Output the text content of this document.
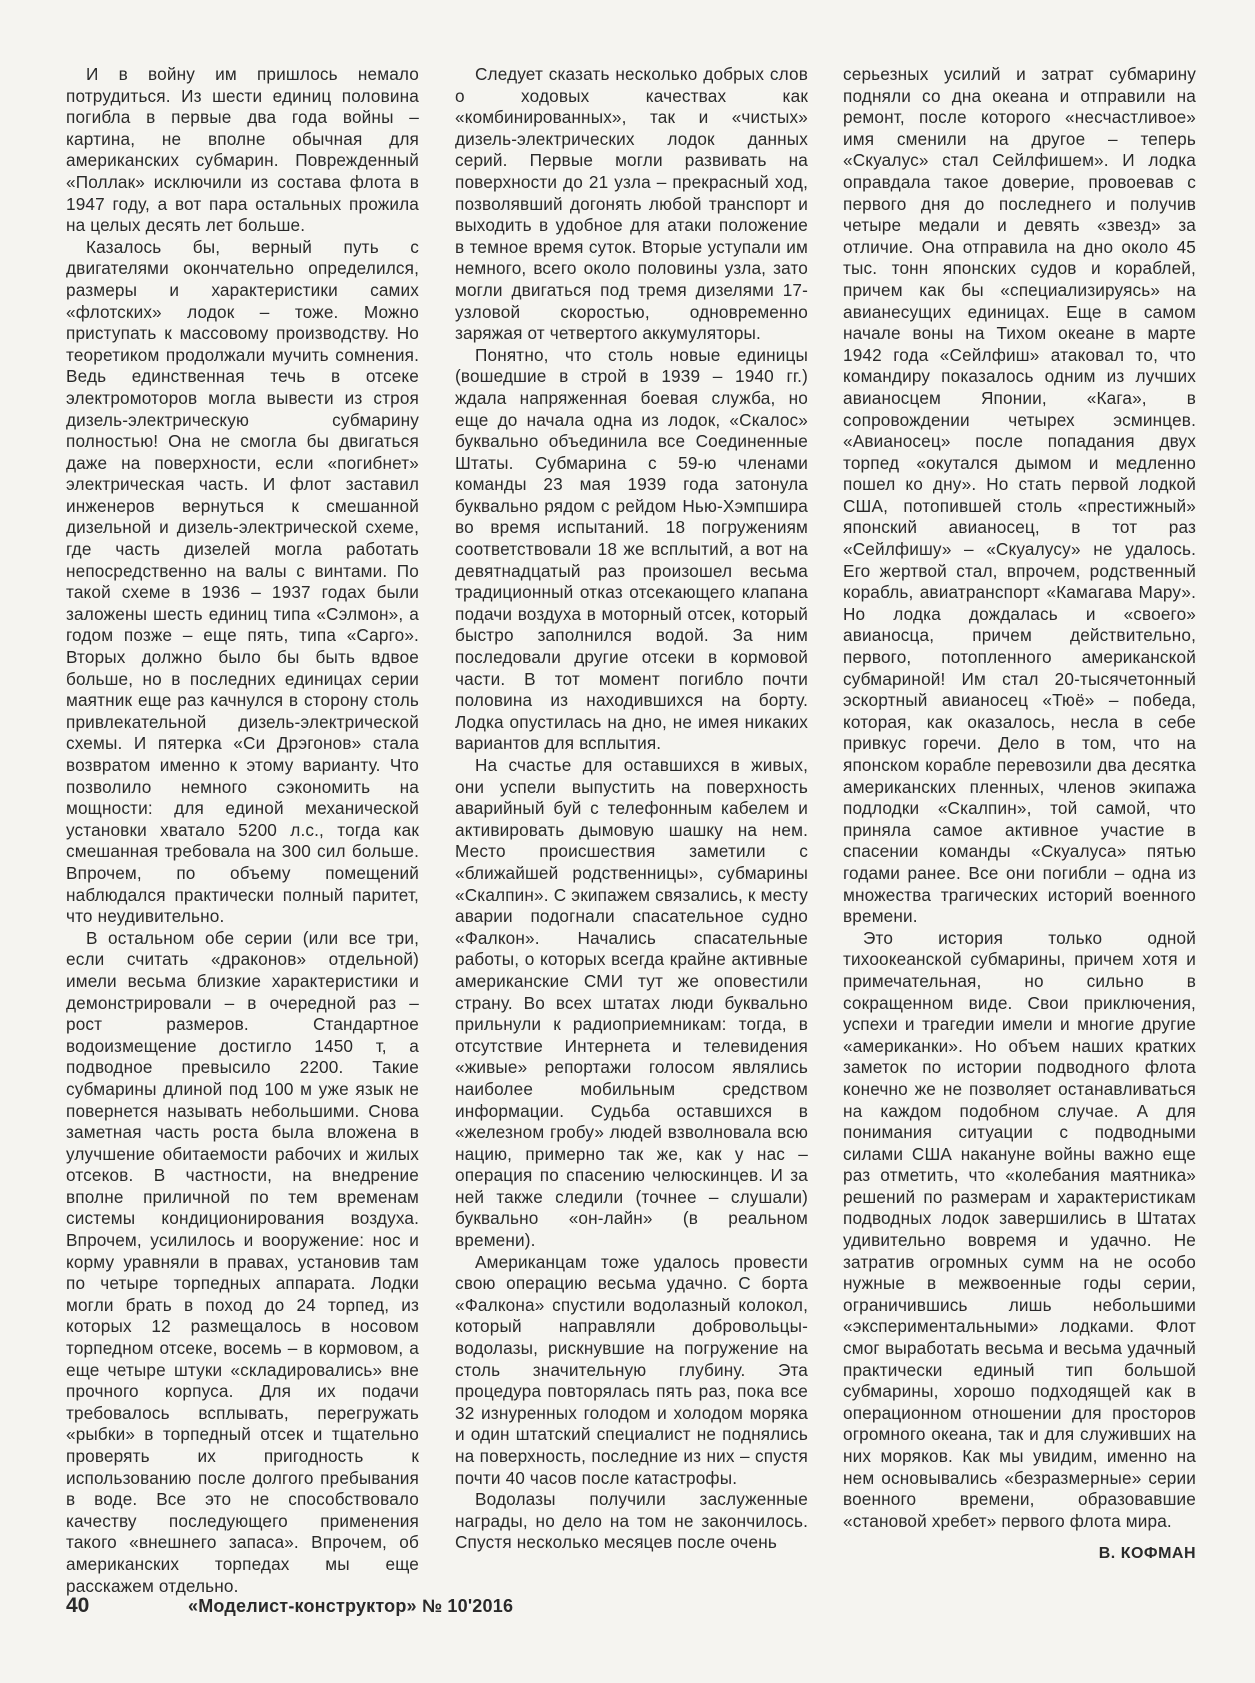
И в войну им пришлось немало потрудиться. Из шести единиц половина погибла в первые два года войны – картина, не вполне обычная для американских субмарин. Поврежденный «Поллак» исключили из состава флота в 1947 году, а вот пара остальных прожила на целых десять лет больше.

Казалось бы, верный путь с двигателями окончательно определился, размеры и характеристики самих «флотских» лодок – тоже. Можно приступать к массовому производству. Но теоретиком продолжали мучить сомнения. Ведь единственная течь в отсеке электромоторов могла вывести из строя дизель-электрическую субмарину полностью! Она не смогла бы двигаться даже на поверхности, если «погибнет» электрическая часть. И флот заставил инженеров вернуться к смешанной дизельной и дизель-электрической схеме, где часть дизелей могла работать непосредственно на валы с винтами. По такой схеме в 1936 – 1937 годах были заложены шесть единиц типа «Сэлмон», а годом позже – еще пять, типа «Сарго». Вторых должно было бы быть вдвое больше, но в последних единицах серии маятник еще раз качнулся в сторону столь привлекательной дизель-электрической схемы. И пятерка «Си Дрэгонов» стала возвратом именно к этому варианту. Что позволило немного сэкономить на мощности: для единой механической установки хватало 5200 л.с., тогда как смешанная требовала на 300 сил больше. Впрочем, по объему помещений наблюдался практически полный паритет, что неудивительно.

В остальном обе серии (или все три, если считать «драконов» отдельной) имели весьма близкие характеристики и демонстрировали – в очередной раз – рост размеров. Стандартное водоизмещение достигло 1450 т, а подводное превысило 2200. Такие субмарины длиной под 100 м уже язык не повернется называть небольшими. Снова заметная часть роста была вложена в улучшение обитаемости рабочих и жилых отсеков. В частности, на внедрение вполне приличной по тем временам системы кондиционирования воздуха. Впрочем, усилилось и вооружение: нос и корму уравняли в правах, установив там по четыре торпедных аппарата. Лодки могли брать в поход до 24 торпед, из которых 12 размещалось в носовом торпедном отсеке, восемь – в кормовом, а еще четыре штуки «складировались» вне прочного корпуса. Для их подачи требовалось всплывать, перегружать «рыбки» в торпедный отсек и тщательно проверять их пригодность к использованию после долгого пребывания в воде. Все это не способствовало качеству последующего применения такого «внешнего запаса». Впрочем, об американских торпедах мы еще расскажем отдельно.

Следует сказать несколько добрых слов о ходовых качествах как «комбинированных», так и «чистых» дизель-электрических лодок данных серий. Первые могли развивать на поверхности до 21 узла – прекрасный ход, позволявший догонять любой транспорт и выходить в удобное для атаки положение в темное время суток. Вторые уступали им немного, всего около половины узла, зато могли двигаться под тремя дизелями 17-узловой скоростью, одновременно заряжая от четвертого аккумуляторы.

Понятно, что столь новые единицы (вошедшие в строй в 1939 – 1940 гг.) ждала напряженная боевая служба, но еще до начала одна из лодок, «Скалос» буквально объединила все Соединенные Штаты. Субмарина с 59-ю членами команды 23 мая 1939 года затонула буквально рядом с рейдом Нью-Хэмпшира во время испытаний. 18 погружениям соответствовали 18 же всплытий, а вот на девятнадцатый раз произошел весьма традиционный отказ отсекающего клапана подачи воздуха в моторный отсек, который быстро заполнился водой. За ним последовали другие отсеки в кормовой части. В тот момент погибло почти половина из находившихся на борту. Лодка опустилась на дно, не имея никаких вариантов для всплытия.

На счастье для оставшихся в живых, они успели выпустить на поверхность аварийный буй с телефонным кабелем и активировать дымовую шашку на нем. Место происшествия заметили с «ближайшей родственницы», субмарины «Скалпин». С экипажем связались, к месту аварии подогнали спасательное судно «Фалкон». Начались спасательные работы, о которых всегда крайне активные американские СМИ тут же оповестили страну. Во всех штатах люди буквально прильнули к радиоприемникам: тогда, в отсутствие Интернета и телевидения «живые» репортажи голосом являлись наиболее мобильным средством информации. Судьба оставшихся в «железном гробу» людей взволновала всю нацию, примерно так же, как у нас – операция по спасению челюскинцев. И за ней также следили (точнее – слушали) буквально «он-лайн» (в реальном времени).

Американцам тоже удалось провести свою операцию весьма удачно. С борта «Фалкона» спустили водолазный колокол, который направляли добровольцы-водолазы, рискнувшие на погружение на столь значительную глубину. Эта процедура повторялась пять раз, пока все 32 изнуренных голодом и холодом моряка и один штатский специалист не поднялись на поверхность, последние из них – спустя почти 40 часов после катастрофы.

Водолазы получили заслуженные награды, но дело на том не закончилось. Спустя несколько месяцев после очень

серьезных усилий и затрат субмарину подняли со дна океана и отправили на ремонт, после которого «несчастливое» имя сменили на другое – теперь «Скуалус» стал Сейлфишем». И лодка оправдала такое доверие, провоевав с первого дня до последнего и получив четыре медали и девять «звезд» за отличие. Она отправила на дно около 45 тыс. тонн японских судов и кораблей, причем как бы «специализируясь» на авианесущих единицах. Еще в самом начале воны на Тихом океане в марте 1942 года «Сейлфиш» атаковал то, что командиру показалось одним из лучших авианосцем Японии, «Кага», в сопровождении четырех эсминцев. «Авианосец» после попадания двух торпед «окутался дымом и медленно пошел ко дну». Но стать первой лодкой США, потопившей столь «престижный» японский авианосец, в тот раз «Сейлфишу» – «Скуалусу» не удалось. Его жертвой стал, впрочем, родственный корабль, авиатранспорт «Камагава Мару». Но лодка дождалась и «своего» авианосца, причем действительно, первого, потопленного американской субмариной! Им стал 20-тысячетонный эскортный авианосец «Тюё» – победа, которая, как оказалось, несла в себе привкус горечи. Дело в том, что на японском корабле перевозили два десятка американских пленных, членов экипажа подлодки «Скалпин», той самой, что приняла самое активное участие в спасении команды «Скуалуса» пятью годами ранее. Все они погибли – одна из множества трагических историй военного времени.

Это история только одной тихоокеанской субмарины, причем хотя и примечательная, но сильно в сокращенном виде. Свои приключения, успехи и трагедии имели и многие другие «американки». Но объем наших кратких заметок по истории подводного флота конечно же не позволяет останавливаться на каждом подобном случае. А для понимания ситуации с подводными силами США накануне войны важно еще раз отметить, что «колебания маятника» решений по размерам и характеристикам подводных лодок завершились в Штатах удивительно вовремя и удачно. Не затратив огромных сумм на не особо нужные в межвоенные годы серии, ограничившись лишь небольшими «экспериментальными» лодками. Флот смог выработать весьма и весьма удачный практически единый тип большой субмарины, хорошо подходящей как в операционном отношении для просторов огромного океана, так и для служивших на них моряков. Как мы увидим, именно на нем основывались «безразмерные» серии военного времени, образовавшие «становой хребет» первого флота мира.

В. КОФМАН
40	«Моделист-конструктор» № 10'2016
